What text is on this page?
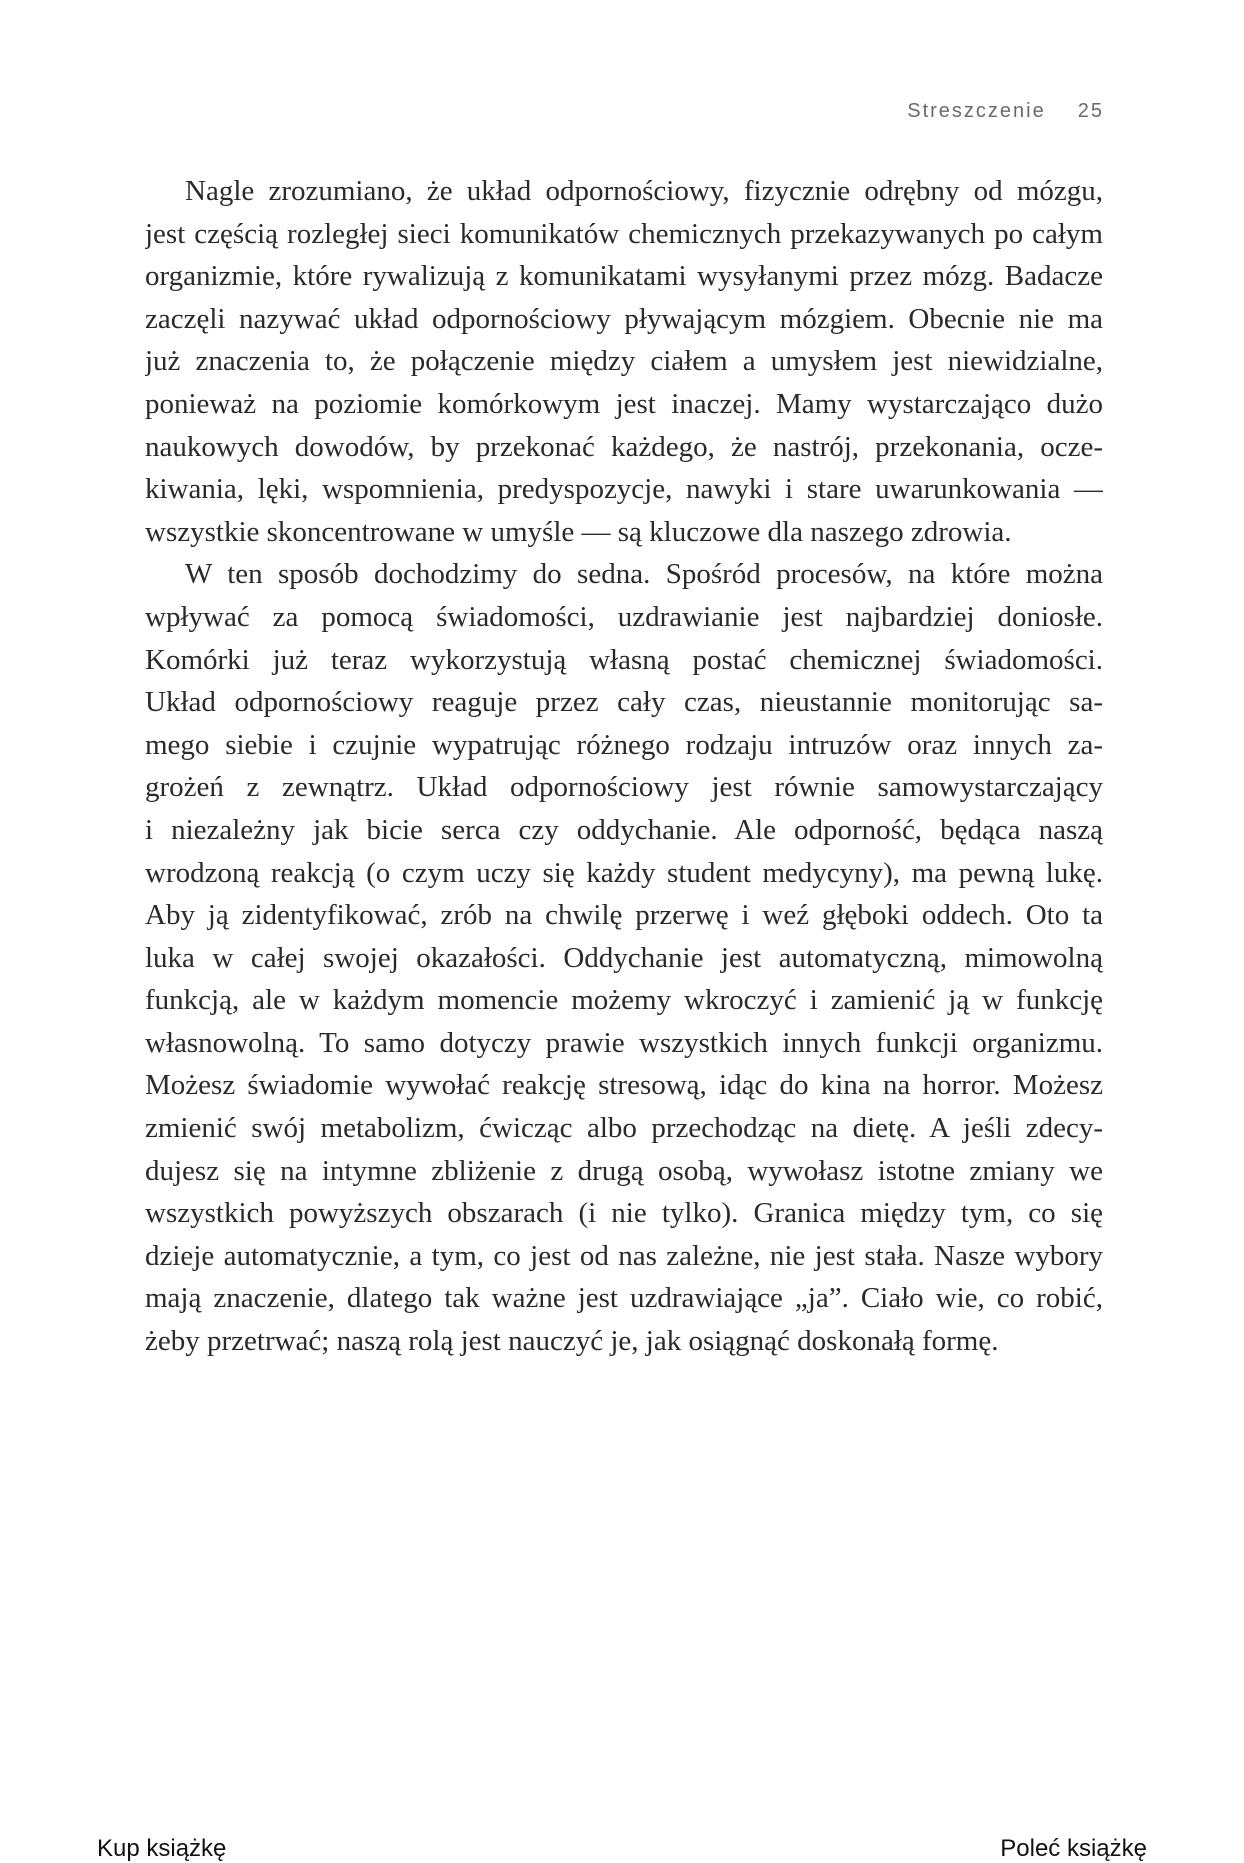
Streszczenie 25
Nagle zrozumiano, że układ odpornościowy, fizycznie odrębny od mózgu,
jest częścią rozległej sieci komunikatów chemicznych przekazywanych po całym
organizmie, które rywalizują z komunikatami wysyłanymi przez mózg. Badacze
zaczęli nazywać układ odpornościowy pływającym mózgiem. Obecnie nie ma
już znaczenia to, że połączenie między ciałem a umysłem jest niewidzialne,
ponieważ na poziomie komórkowym jest inaczej. Mamy wystarczająco dużo
naukowych dowodów, by przekonać każdego, że nastrój, przekonania, ocze-
kiwania, lęki, wspomnienia, predyspozycje, nawyki i stare uwarunkowania —
wszystkie skoncentrowane w umyśle — są kluczowe dla naszego zdrowia.
W ten sposób dochodzimy do sedna. Spośród procesów, na które można
wpływać za pomocą świadomości, uzdrawianie jest najbardziej doniosłe.
Komórki już teraz wykorzystują własną postać chemicznej świadomości.
Układ odpornościowy reaguje przez cały czas, nieustannie monitorując sa-
mego siebie i czujnie wypatrując różnego rodzaju intruzów oraz innych za-
grożeń z zewnątrz. Układ odpornościowy jest równie samowystarczający
i niezależny jak bicie serca czy oddychanie. Ale odporność, będąca naszą
wrodzoną reakcją (o czym uczy się każdy student medycyny), ma pewną lukę.
Aby ją zidentyfikować, zrób na chwilę przerwę i weź głęboki oddech. Oto ta
luka w całej swojej okazałości. Oddychanie jest automatyczną, mimowolną
funkcją, ale w każdym momencie możemy wkroczyć i zamienić ją w funkcję
własnowolną. To samo dotyczy prawie wszystkich innych funkcji organizmu.
Możesz świadomie wywołać reakcję stresową, idąc do kina na horror. Możesz
zmienić swój metabolizm, ćwicząc albo przechodząc na dietę. A jeśli zdecy-
dujesz się na intymne zbliżenie z drugą osobą, wywołasz istotne zmiany we
wszystkich powyższych obszarach (i nie tylko). Granica między tym, co się
dzieje automatycznie, a tym, co jest od nas zależne, nie jest stała. Nasze wybory
mają znaczenie, dlatego tak ważne jest uzdrawiające „ja”. Ciało wie, co robić,
żeby przetrwać; naszą rolą jest nauczyć je, jak osiągnąć doskonałą formę.
Kup książkę	Poleć książkę
